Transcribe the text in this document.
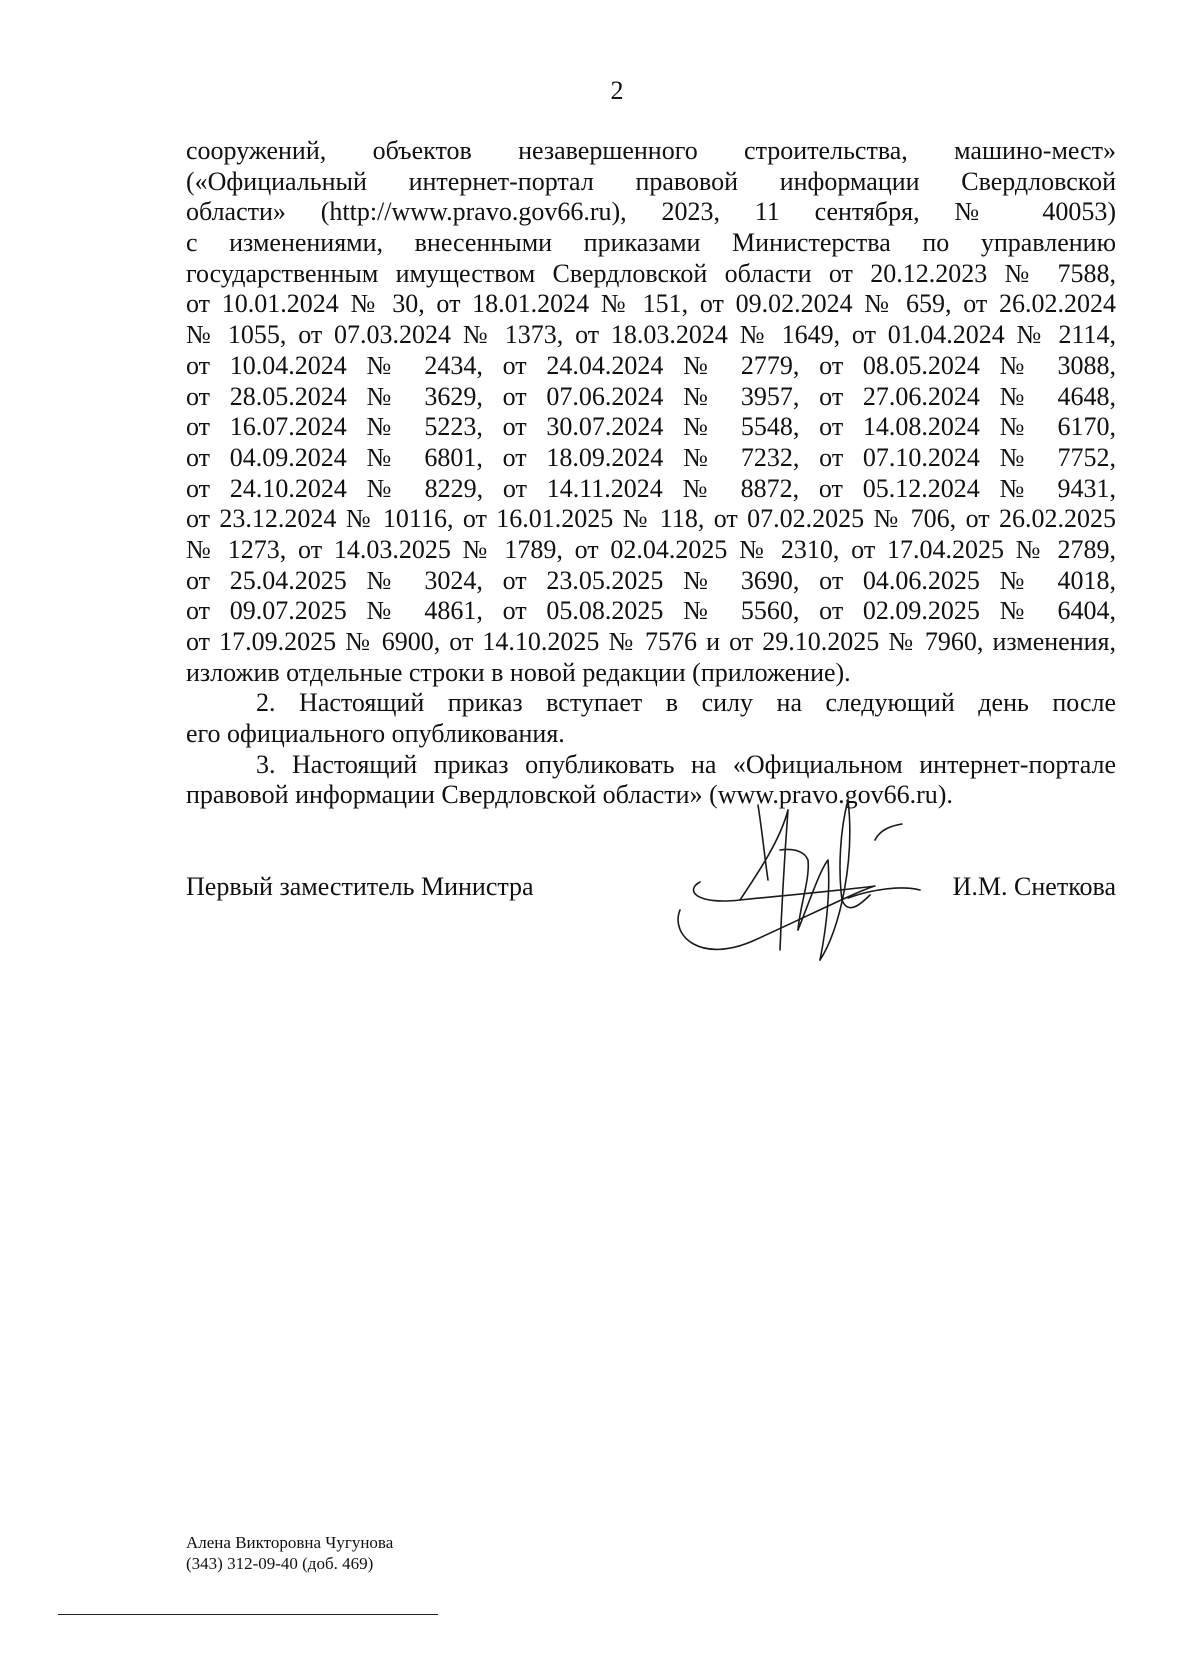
2
сооружений, объектов незавершенного строительства, машино-мест»
(«Официальный интернет-портал правовой информации Свердловской
области» (http://www.pravo.gov66.ru), 2023, 11 сентября, № 40053)
с изменениями, внесенными приказами Министерства по управлению
государственным имуществом Свердловской области от 20.12.2023 № 7588,
от 10.01.2024 № 30, от 18.01.2024 № 151, от 09.02.2024 № 659, от 26.02.2024
№ 1055, от 07.03.2024 № 1373, от 18.03.2024 № 1649, от 01.04.2024 № 2114,
от 10.04.2024 № 2434, от 24.04.2024 № 2779, от 08.05.2024 № 3088,
от 28.05.2024 № 3629, от 07.06.2024 № 3957, от 27.06.2024 № 4648,
от 16.07.2024 № 5223, от 30.07.2024 № 5548, от 14.08.2024 № 6170,
от 04.09.2024 № 6801, от 18.09.2024 № 7232, от 07.10.2024 № 7752,
от 24.10.2024 № 8229, от 14.11.2024 № 8872, от 05.12.2024 № 9431,
от 23.12.2024 № 10116, от 16.01.2025 № 118, от 07.02.2025 № 706, от 26.02.2025
№ 1273, от 14.03.2025 № 1789, от 02.04.2025 № 2310, от 17.04.2025 № 2789,
от 25.04.2025 № 3024, от 23.05.2025 № 3690, от 04.06.2025 № 4018,
от 09.07.2025 № 4861, от 05.08.2025 № 5560, от 02.09.2025 № 6404,
от 17.09.2025 № 6900, от 14.10.2025 № 7576 и от 29.10.2025 № 7960, изменения,
изложив отдельные строки в новой редакции (приложение).
2. Настоящий приказ вступает в силу на следующий день после
его официального опубликования.
3. Настоящий приказ опубликовать на «Официальном интернет-портале
правовой информации Свердловской области» (www.pravo.gov66.ru).
Первый заместитель Министра	И.М. Снеткова
Алена Викторовна Чугунова
(343) 312-09-40 (доб. 469)
